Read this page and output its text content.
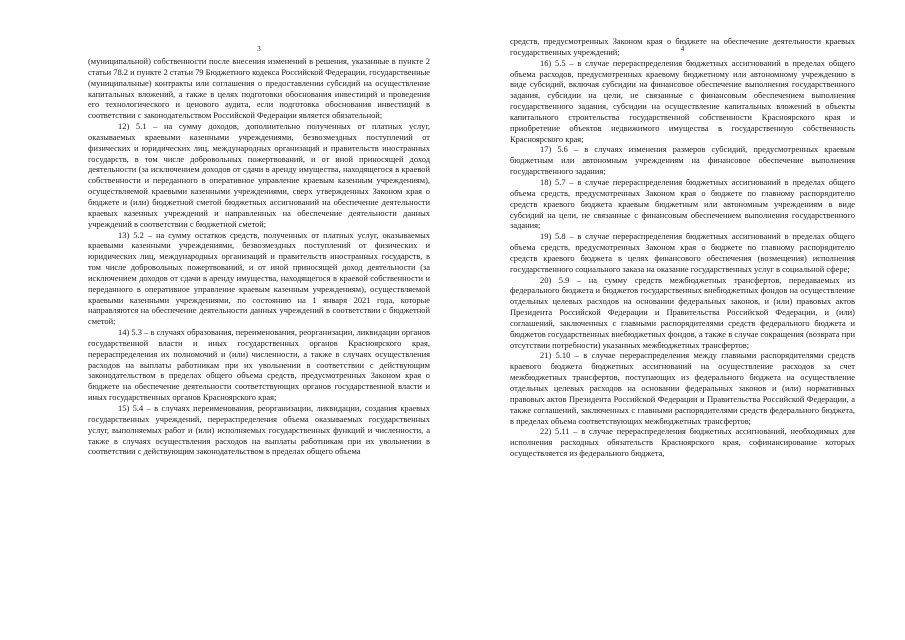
3

(муниципальной) собственности после внесения изменений в решения, указанные в пункте 2 статьи 78.2 и пункте 2 статьи 79 Бюджетного кодекса Российской Федерации, государственные (муниципальные) контракты или соглашения о предоставлении субсидий на осуществление капитальных вложений, а также в целях подготовки обоснования инвестиций и проведения его технологического и ценового аудита, если подготовка обоснования инвестиций в соответствии с законодательством Российской Федерации является обязательной;

12) 5.1 – на сумму доходов, дополнительно полученных от платных услуг, оказываемых краевыми казенными учреждениями, безвозмездных поступлений от физических и юридических лиц, международных организаций и правительств иностранных государств, в том числе добровольных пожертвований, и от иной приносящей доход деятельности (за исключением доходов от сдачи в аренду имущества, находящегося в краевой собственности и переданного в оперативное управление краевым казенным учреждениям), осуществляемой краевыми казенными учреждениями, сверх утвержденных Законом края о бюджете и (или) бюджетной сметой бюджетных ассигнований на обеспечение деятельности краевых казенных учреждений и направленных на обеспечение деятельности данных учреждений в соответствии с бюджетной сметой;

13) 5.2 – на сумму остатков средств, полученных от платных услуг, оказываемых краевыми казенными учреждениями, безвозмездных поступлений от физических и юридических лиц, международных организаций и правительств иностранных государств, в том числе добровольных пожертвований, и от иной приносящей доход деятельности (за исключением доходов от сдачи в аренду имущества, находящегося в краевой собственности и переданного в оперативное управление краевым казенным учреждениям), осуществляемой краевыми казенными учреждениями, по состоянию на 1 января 2021 года, которые направляются на обеспечение деятельности данных учреждений в соответствии с бюджетной сметой;

14) 5.3 – в случаях образования, переименования, реорганизации, ликвидации органов государственной власти и иных государственных органов Красноярского края, перераспределения их полномочий и (или) численности, а также в случаях осуществления расходов на выплаты работникам при их увольнении в соответствии с действующим законодательством в пределах общего объема средств, предусмотренных Законом края о бюджете на обеспечение деятельности соответствующих органов государственной власти и иных государственных органов Красноярского края;

15) 5.4 – в случаях переименования, реорганизации, ликвидации, создания краевых государственных учреждений, перераспределения объема оказываемых государственных услуг, выполняемых работ и (или) исполняемых государственных функций и численности, а также в случаях осуществления расходов на выплаты работникам при их увольнении в соответствии с действующим законодательством в пределах общего объема

4

средств, предусмотренных Законом края о бюджете на обеспечение деятельности краевых государственных учреждений;

16) 5.5 – в случае перераспределения бюджетных ассигнований в пределах общего объема расходов, предусмотренных краевому бюджетному или автономному учреждению в виде субсидий, включая субсидии на финансовое обеспечение выполнения государственного задания, субсидии на цели, не связанные с финансовым обеспечением выполнения государственного задания, субсидии на осуществление капитальных вложений в объекты капитального строительства государственной собственности Красноярского края и приобретение объектов недвижимого имущества в государственную собственность Красноярского края;

17) 5.6 – в случаях изменения размеров субсидий, предусмотренных краевым бюджетным или автономным учреждениям на финансовое обеспечение выполнения государственного задания;

18) 5.7 – в случае перераспределения бюджетных ассигнований в пределах общего объема средств, предусмотренных Законом края о бюджете по главному распорядителю средств краевого бюджета краевым бюджетным или автономным учреждениям в виде субсидий на цели, не связанные с финансовым обеспечением выполнения государственного задания;

19) 5.8 – в случае перераспределения бюджетных ассигнований в пределах общего объема средств, предусмотренных Законом края о бюджете по главному распорядителю средств краевого бюджета в целях финансового обеспечения (возмещения) исполнения государственного социального заказа на оказание государственных услуг в социальной сфере;

20) 5.9 – на сумму средств межбюджетных трансфертов, передаваемых из федерального бюджета и бюджетов государственных внебюджетных фондов на осуществление отдельных целевых расходов на основании федеральных законов, и (или) правовых актов Президента Российской Федерации и Правительства Российской Федерации, и (или) соглашений, заключенных с главными распорядителями средств федерального бюджета и бюджетов государственных внебюджетных фондов, а также в случае сокращения (возврата при отсутствии потребности) указанных межбюджетных трансфертов;

21) 5.10 – в случае перераспределения между главными распорядителями средств краевого бюджета бюджетных ассигнований на осуществление расходов за счет межбюджетных трансфертов, поступающих из федерального бюджета на осуществление отдельных целевых расходов на основании федеральных законов и (или) нормативных правовых актов Президента Российской Федерации и Правительства Российской Федерации, а также соглашений, заключенных с главными распорядителями средств федерального бюджета, в пределах объема соответствующих межбюджетных трансфертов;

22) 5.11 – в случае перераспределения бюджетных ассигнований, необходимых для исполнения расходных обязательств Красноярского края, софинансирование которых осуществляется из федерального бюджета,
